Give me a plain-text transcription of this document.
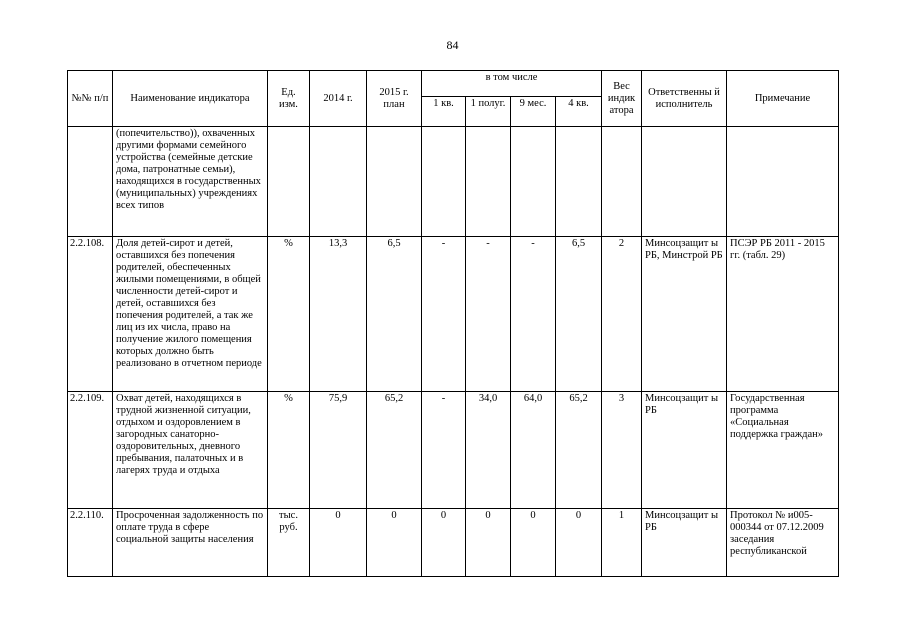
84
№№ п/п	Наименование индикатора	Ед. изм.	2014 г.	2015 г. план	в том числе				Вес индик атора	Ответственны й исполнитель	Примечание
					1 кв.	1 полуг.	9 мес.	4 кв.			
	(попечительство)), охваченных другими формами семейного устройства (семейные детские дома, патронатные семьи), находящихся в государственных (муниципальных) учреждениях всех типов										
2.2.108.	Доля детей-сирот и детей, оставшихся без попечения родителей, обеспеченных жилыми помещениями, в общей численности детей-сирот и детей, оставшихся без попечения родителей, а так же лиц из их числа, право на получение жилого помещения которых должно быть реализовано в отчетном периоде	%	13,3	6,5	-	-	-	6,5	2	Минсоцзащит ы РБ, Минстрой РБ	ПСЭР РБ 2011 - 2015 гг. (табл. 29)
2.2.109.	Охват детей, находящихся в трудной жизненной ситуации, отдыхом и оздоровлением в загородных санаторно-оздоровительных, дневного пребывания, палаточных и в лагерях труда и отдыха	%	75,9	65,2	-	34,0	64,0	65,2	3	Минсоцзащит ы РБ	Государственная программа «Социальная поддержка граждан»
2.2.110.	Просроченная задолженность по оплате труда в сфере социальной защиты населения	тыс. руб.	0	0	0	0	0	0	1	Минсоцзащит ы РБ	Протокол № и005-000344 от 07.12.2009 заседания республиканской
